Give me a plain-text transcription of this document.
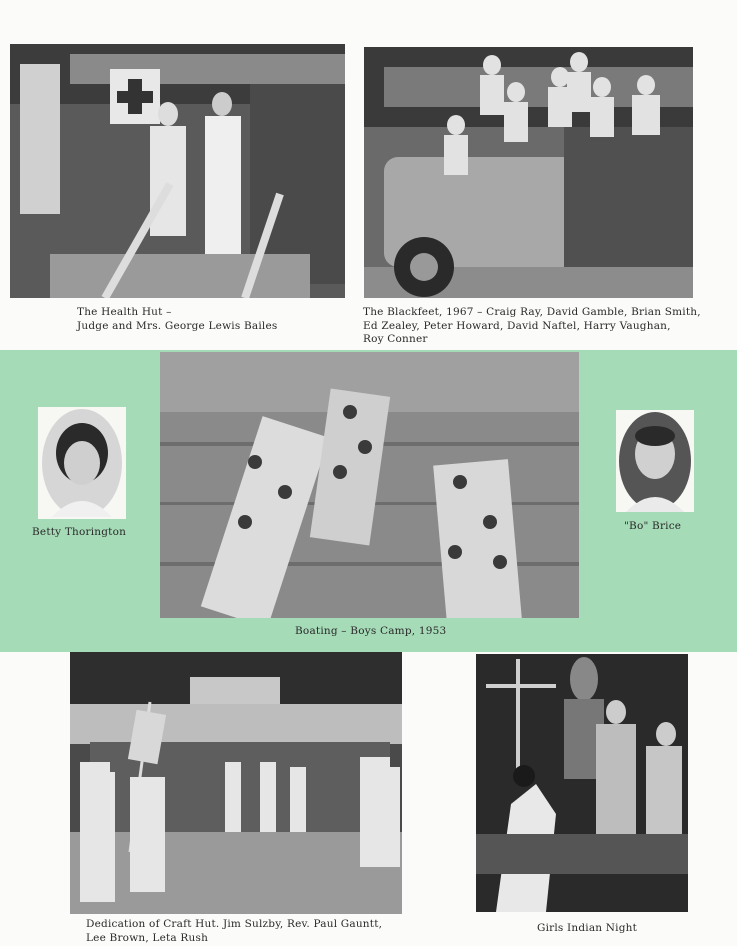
The Health Hut –
Judge and Mrs. George Lewis Bailes
The Blackfeet, 1967 – Craig Ray, David Gamble, Brian Smith,
Ed Zealey, Peter Howard, David Naftel, Harry Vaughan,
Roy Conner
Betty Thorington
Boating – Boys Camp, 1953
"Bo" Brice
Dedication of Craft Hut. Jim Sulzby, Rev. Paul Gauntt,
Lee Brown, Leta Rush
Girls Indian Night
